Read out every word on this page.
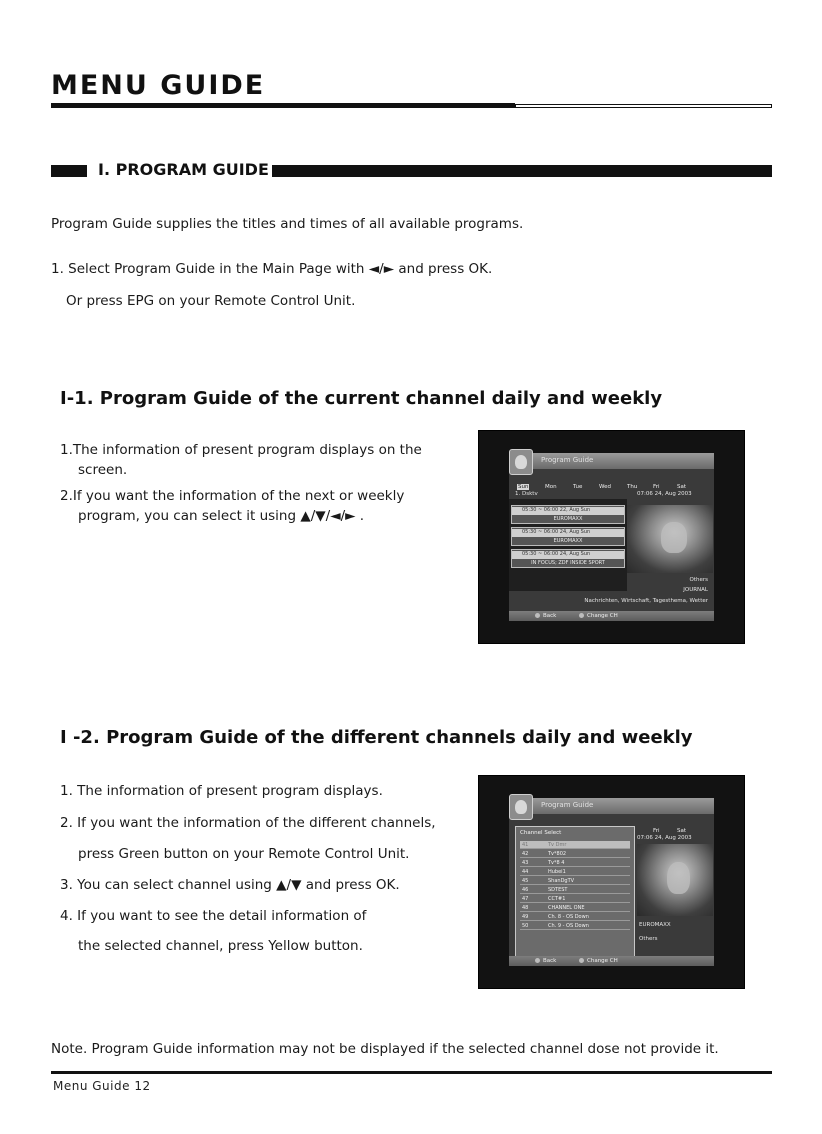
MENU GUIDE
I. PROGRAM GUIDE
Program Guide supplies the titles and times of all available programs.
1. Select Program Guide in the Main Page with ◄/► and press OK.
Or press EPG on your Remote Control Unit.
I-1. Program Guide of the current channel daily and weekly
1.The information of present program displays on the
screen.
2.If you want the information of the next or weekly
program, you can select it using ▲/▼/◄/► .
Program Guide
Sun	Mon	Tue	Wed	Thu	Fri	Sat
1. Dsktv	07:06 24, Aug 2003
05:30 ~ 06:00 22, Aug Sun
EUROMAXX
05:30 ~ 06:00 24, Aug Sun
EUROMAXX
05:30 ~ 06:00 24, Aug Sun
IN FOCUS; ZDF INSIDE SPORT
Others
JOURNAL
Nachrichten, Wirtschaft, Tagesthema, Wetter
Back	Change CH
I -2. Program Guide of the different channels daily and weekly
1. The information of present program displays.
2. If you want the information of the different channels,
press Green button on your Remote Control Unit.
3. You can select channel using ▲/▼ and press OK.
4. If you want to see the detail information of
the selected channel, press Yellow button.
Program Guide
Fri	Sat
07:06 24, Aug 2003
EUROMAXX
Others
Channel Select
41	Tv Dmr
42	Tv*802
43	Tv*8 4
44	Hubei1
45	ShanDgTV
46	SDTEST
47	CCT#1
48	CHANNEL ONE
49	Ch. 8 - OS Down
50	Ch. 9 - OS Down
Back	Change CH
Note. Program Guide information may not be displayed if the selected channel dose not provide it.
Menu Guide 12
